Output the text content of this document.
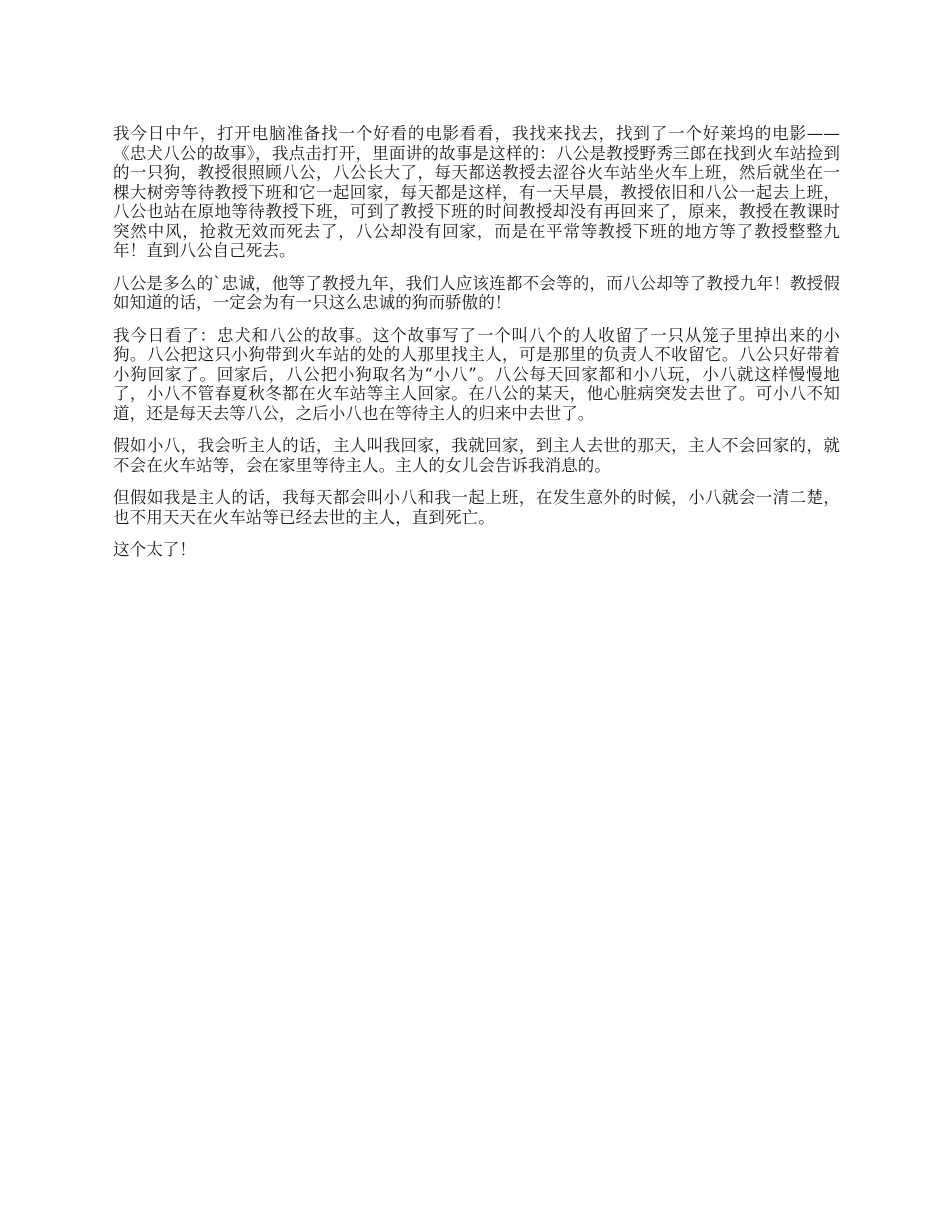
我今日中午，打开电脑准备找一个好看的电影看看，我找来找去，找到了一个好莱坞的电影——《忠犬八公的故事》，我点击打开，里面讲的故事是这样的：八公是教授野秀三郎在找到火车站捡到的一只狗，教授很照顾八公，八公长大了，每天都送教授去涩谷火车站坐火车上班，然后就坐在一棵大树旁等待教授下班和它一起回家，每天都是这样，有一天早晨，教授依旧和八公一起去上班，八公也站在原地等待教授下班，可到了教授下班的时间教授却没有再回来了，原来，教授在教课时突然中风，抢救无效而死去了，八公却没有回家，而是在平常等教授下班的地方等了教授整整九年！直到八公自己死去。

八公是多么的`忠诚，他等了教授九年，我们人应该连都不会等的，而八公却等了教授九年！教授假如知道的话，一定会为有一只这么忠诚的狗而骄傲的！

我今日看了：忠犬和八公的故事。这个故事写了一个叫八个的人收留了一只从笼子里掉出来的小狗。八公把这只小狗带到火车站的处的人那里找主人，可是那里的负责人不收留它。八公只好带着小狗回家了。回家后，八公把小狗取名为“小八”。八公每天回家都和小八玩，小八就这样慢慢地了，小八不管春夏秋冬都在火车站等主人回家。在八公的某天，他心脏病突发去世了。可小八不知道，还是每天去等八公，之后小八也在等待主人的归来中去世了。

假如小八，我会听主人的话，主人叫我回家，我就回家，到主人去世的那天，主人不会回家的，就不会在火车站等，会在家里等待主人。主人的女儿会告诉我消息的。

但假如我是主人的话，我每天都会叫小八和我一起上班，在发生意外的时候，小八就会一清二楚，也不用天天在火车站等已经去世的主人，直到死亡。

这个太了！
